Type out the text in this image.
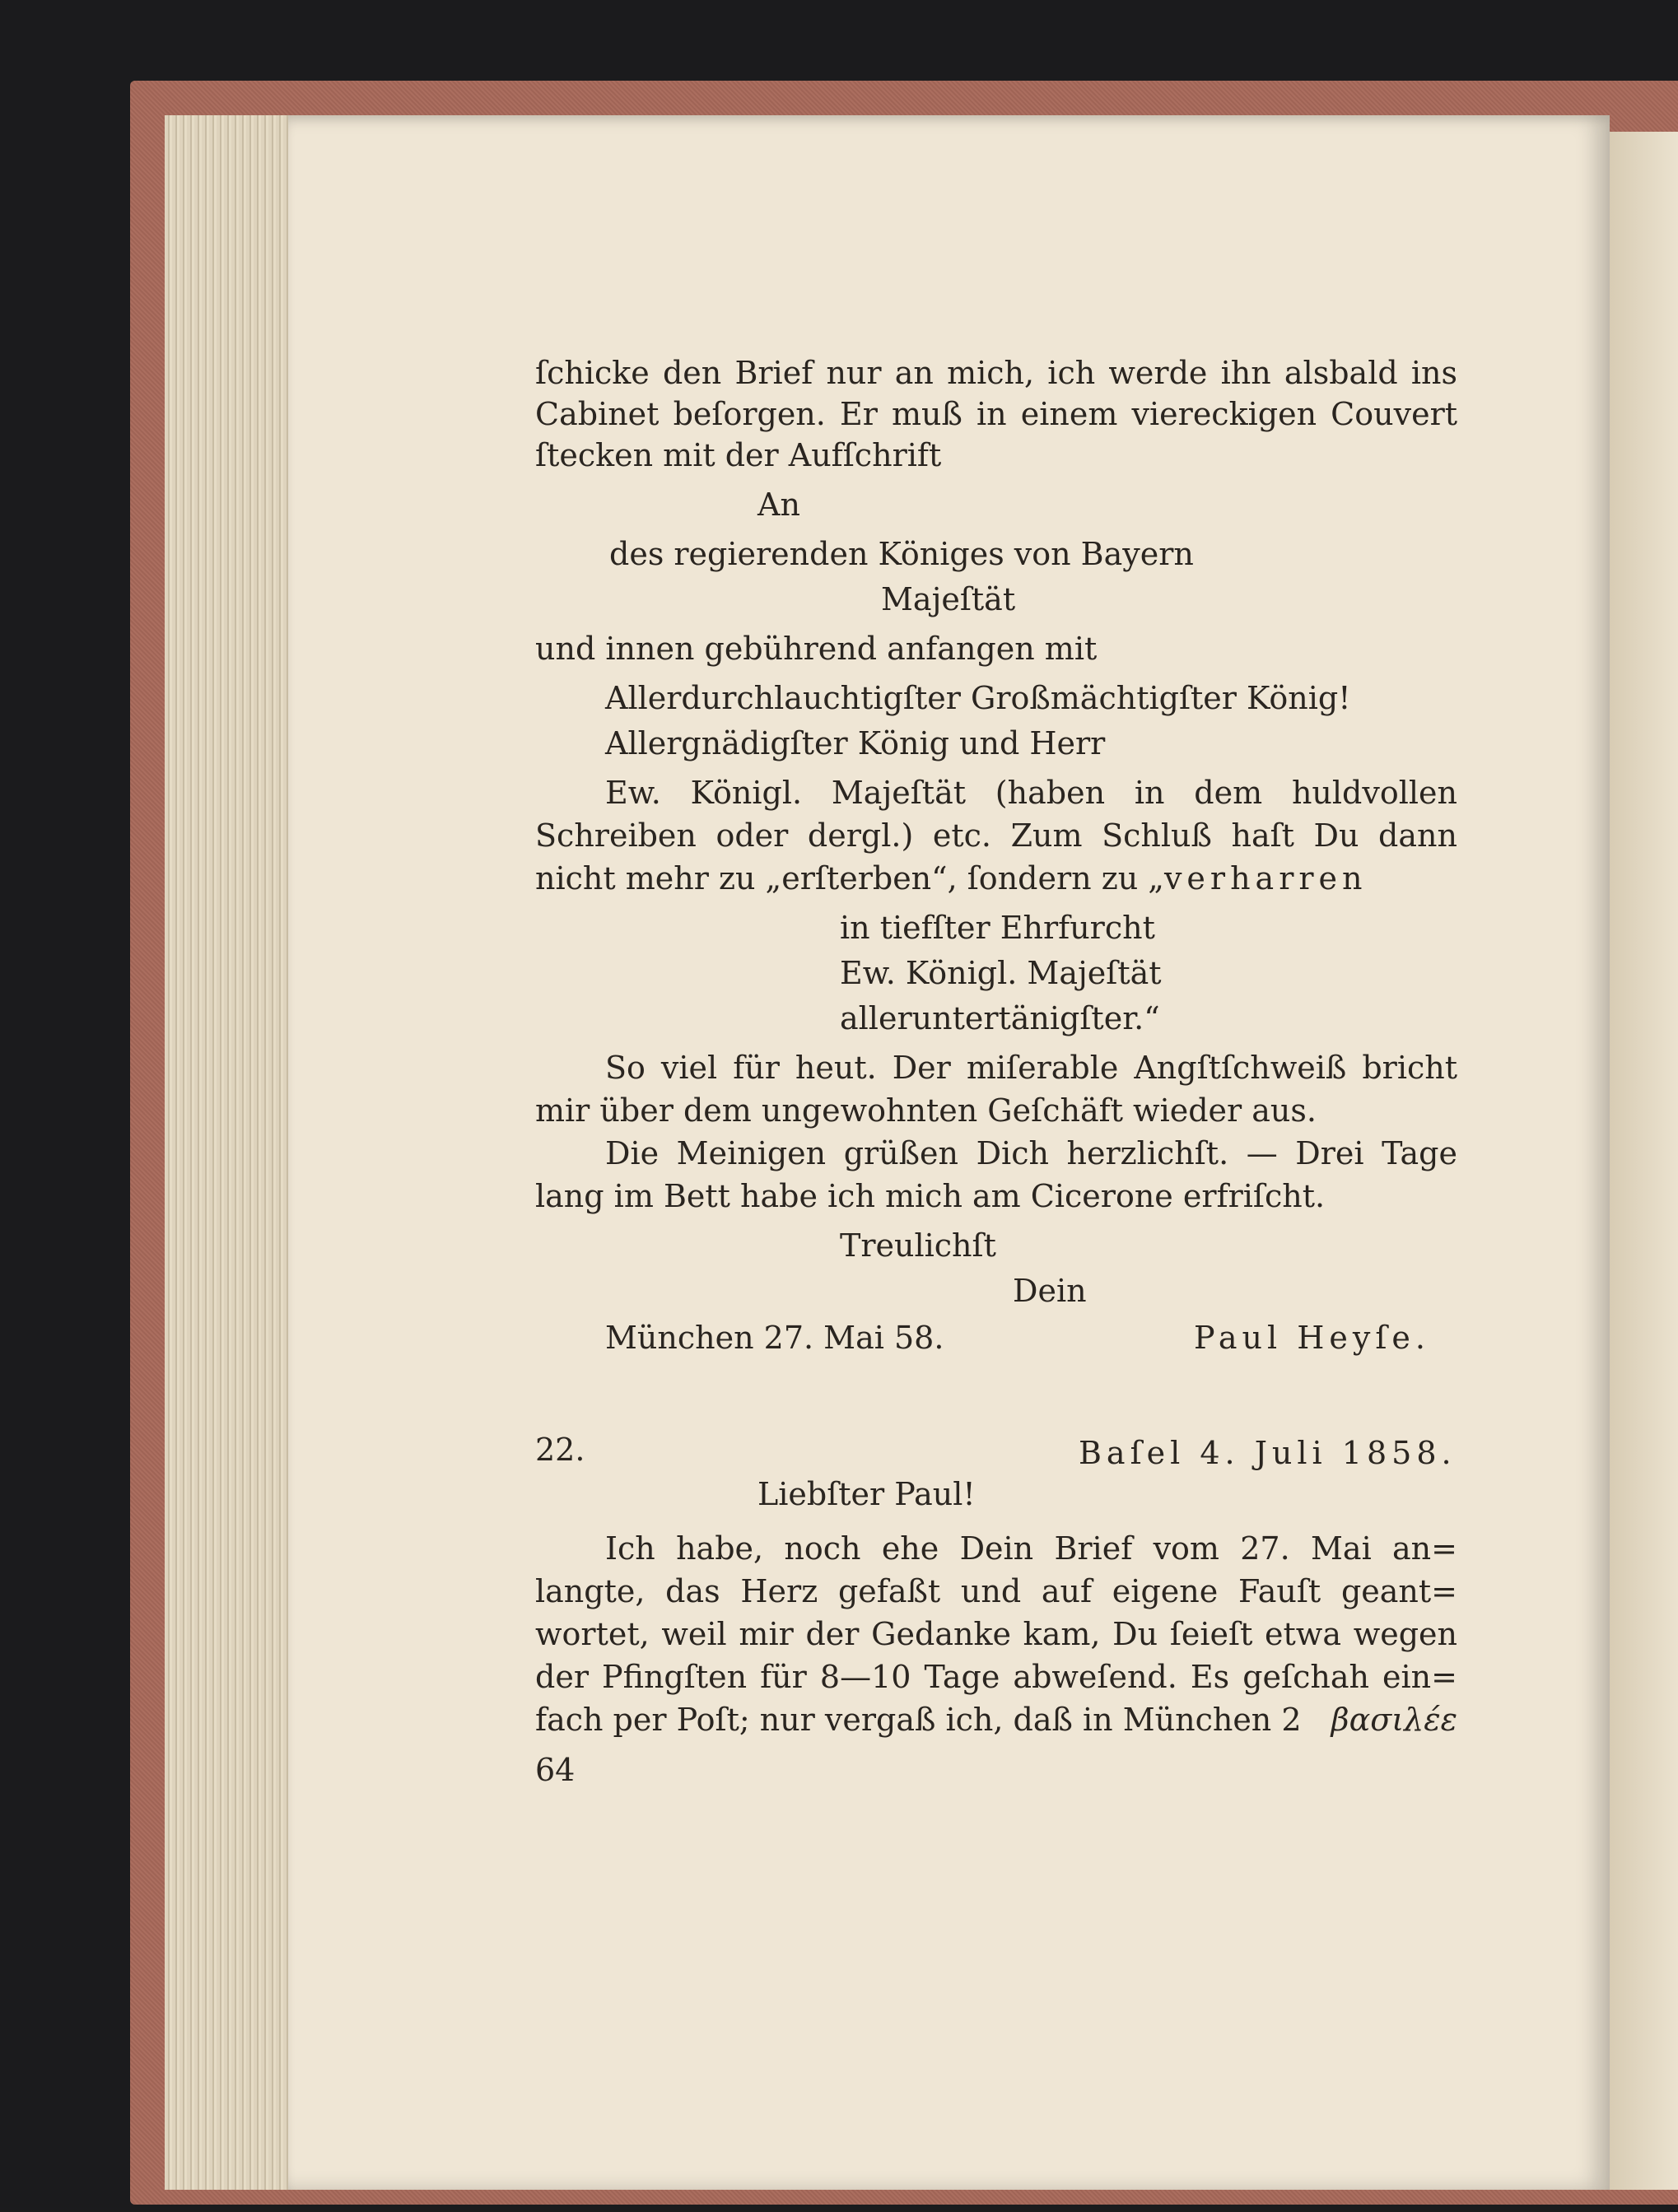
ſchicke den Brief nur an mich, ich werde ihn alsbald ins
Cabinet beſorgen. Er muß in einem viereckigen Couvert
ſtecken mit der Aufſchrift
An
des regierenden Königes von Bayern
Majeſtät
und innen gebührend anfangen mit
Allerdurchlauchtigſter Großmächtigſter König!
Allergnädigſter König und Herr
Ew. Königl. Majeſtät (haben in dem huldvollen
Schreiben oder dergl.) etc. Zum Schluß haſt Du dann
nicht mehr zu „erſterben“, ſondern zu „verharren
in tiefſter Ehrfurcht
Ew. Königl. Majeſtät
alleruntertänigſter.“
So viel für heut. Der miſerable Angſtſchweiß bricht
mir über dem ungewohnten Geſchäft wieder aus.
Die Meinigen grüßen Dich herzlichſt. — Drei Tage
lang im Bett habe ich mich am Cicerone erfriſcht.
Treulichſt
Dein
München 27. Mai 58.	Paul Heyſe.
22.	Baſel 4. Juli 1858.
Liebſter Paul!
Ich habe, noch ehe Dein Brief vom 27. Mai an=
langte, das Herz gefaßt und auf eigene Fauſt geant=
wortet, weil mir der Gedanke kam, Du ſeieſt etwa wegen
der Pfingſten für 8—10 Tage abweſend. Es geſchah ein=
fach per Poſt; nur vergaß ich, daß in München 2 βασιλέε
64
